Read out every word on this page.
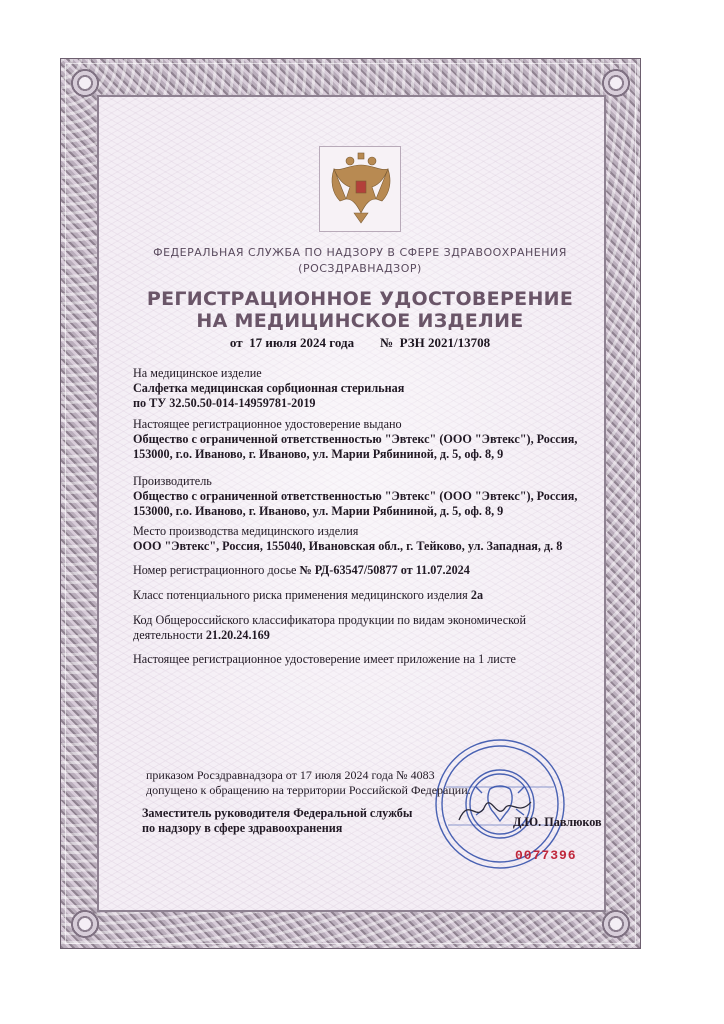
ФЕДЕРАЛЬНАЯ СЛУЖБА ПО НАДЗОРУ В СФЕРЕ ЗДРАВООХРАНЕНИЯ
(РОСЗДРАВНАДЗОР)
РЕГИСТРАЦИОННОЕ УДОСТОВЕРЕНИЕ
НА МЕДИЦИНСКОЕ ИЗДЕЛИЕ
от  17 июля 2024 года № РЗН 2021/13708
На медицинское изделие
Салфетка медицинская сорбционная стерильная
по ТУ 32.50.50-014-14959781-2019
Настоящее регистрационное удостоверение выдано
Общество с ограниченной ответственностью "Эвтекс" (ООО "Эвтекс"), Россия,
153000, г.о. Иваново, г. Иваново, ул. Марии Рябининой, д. 5, оф. 8, 9
Производитель
Общество с ограниченной ответственностью "Эвтекс" (ООО "Эвтекс"), Россия,
153000, г.о. Иваново, г. Иваново, ул. Марии Рябининой, д. 5, оф. 8, 9
Место производства медицинского изделия
ООО "Эвтекс", Россия, 155040, Ивановская обл., г. Тейково, ул. Западная, д. 8
Номер регистрационного досье № РД-63547/50877 от 11.07.2024
Класс потенциального риска применения медицинского изделия 2а
Код Общероссийского классификатора продукции по видам экономической
деятельности 21.20.24.169
Настоящее регистрационное удостоверение имеет приложение на 1 листе
приказом Росздравнадзора от 17 июля 2024 года № 4083
допущено к обращению на территории Российской Федерации.
Заместитель руководителя Федеральной службы
по надзору в сфере здравоохранения	Д.Ю. Павлюков
0077396
